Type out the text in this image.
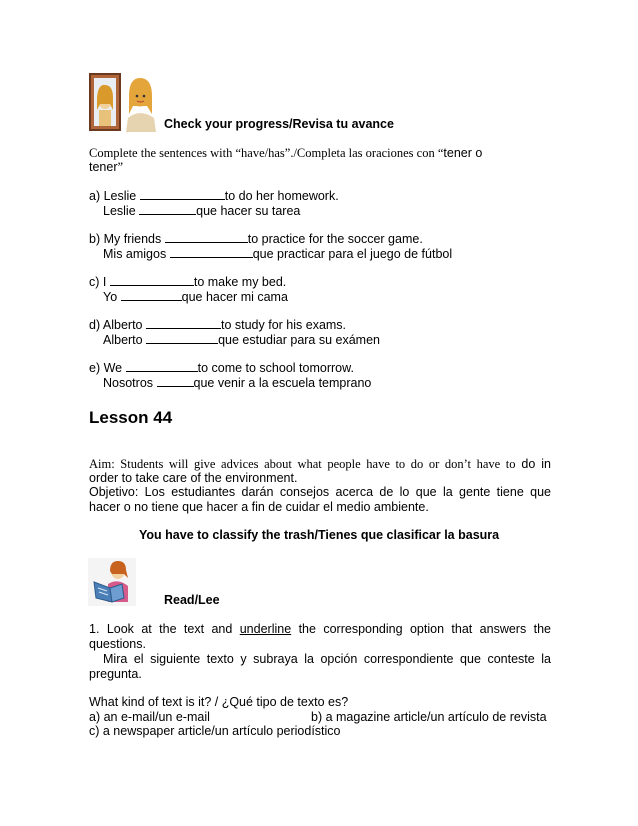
Check your progress/Revisa tu avance
Complete the sentences with “have/has”./Completa las oraciones con “tener o
tener”
a) Leslie	to do her homework.
Leslie	que hacer su tarea
b) My friends	to practice for the soccer game.
Mis amigos	que practicar para el juego de fútbol
c) I	to make my bed.
Yo	que hacer mi cama
d) Alberto	to study for his exams.
Alberto	que estudiar para su exámen
e) We	to come to school tomorrow.
Nosotros	que venir a la escuela temprano
Lesson 44
Aim: Students will give advices about what people have to do or don’t have to do in
order to take care of the environment.
Objetivo: Los estudiantes darán consejos acerca de lo que la gente tiene que hacer o no tiene que hacer a fin de cuidar el medio ambiente.
You have to classify the trash/Tienes que clasificar la basura
Read/Lee
1. Look at the text and underline the corresponding option that answers the questions.
Mira el siguiente texto y subraya la opción correspondiente que conteste la pregunta.
What kind of text is it? / ¿Qué tipo de texto es?
a) an e-mail/un e-mail	b) a magazine article/un artículo de revista
c) a newspaper article/un artículo periodístico
